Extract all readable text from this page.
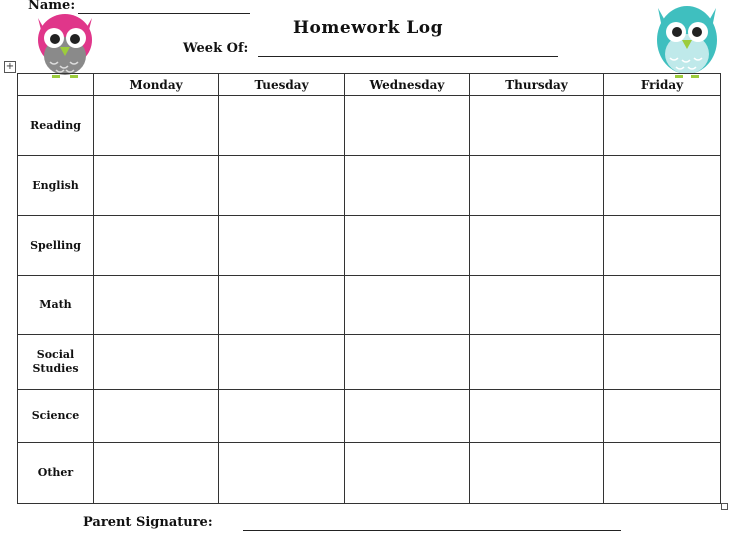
Name:
Homework Log
Week Of:
+
	Monday	Tuesday	Wednesday	Thursday	Friday
Reading					
English					
Spelling					
Math					
Social Studies					
Science					
Other					
Parent Signature:
